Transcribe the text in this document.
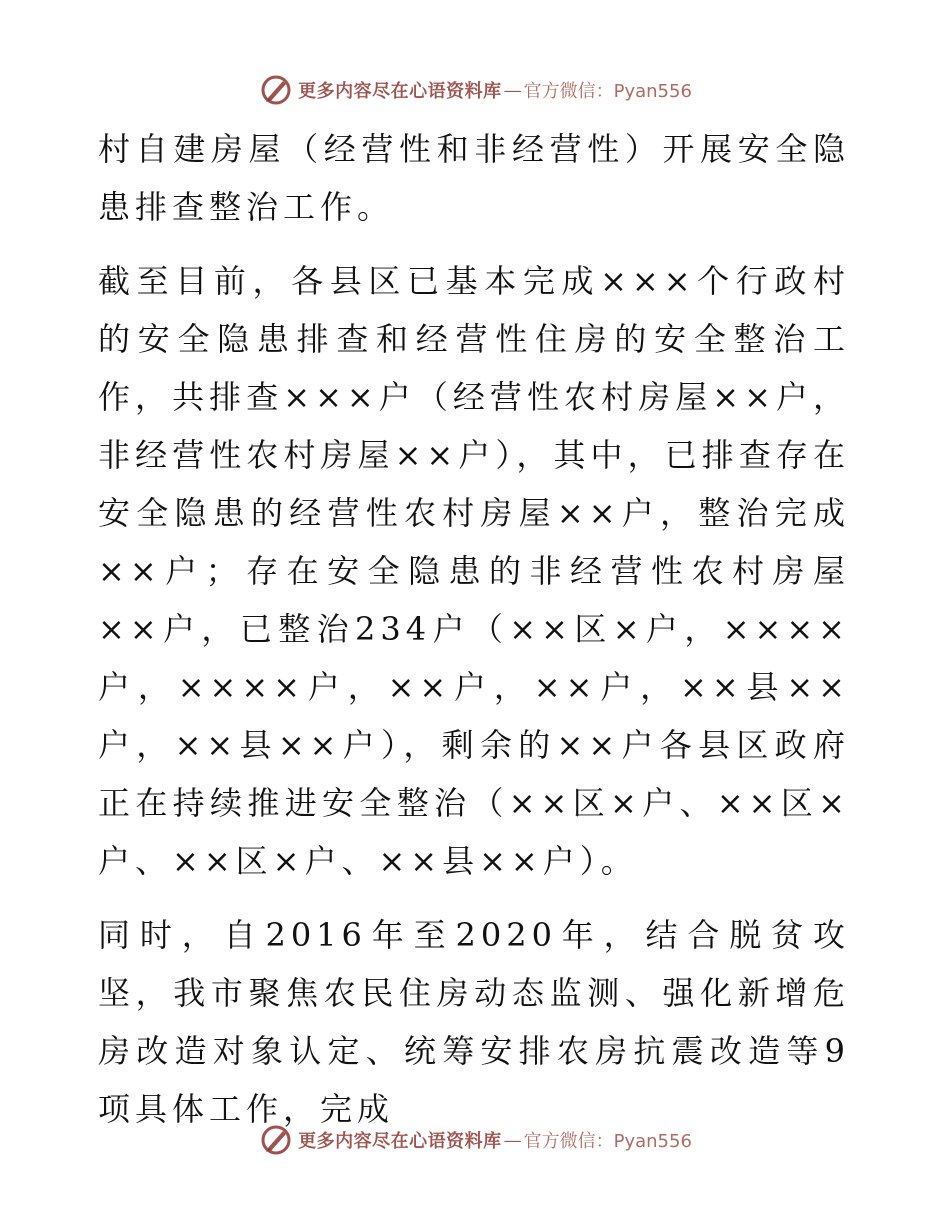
更多内容尽在心语资料库 — 官方微信：Pyan556

村自建房屋（经营性和非经营性）开展安全隐患排查整治工作。

截至目前，各县区已基本完成×××个行政村的安全隐患排查和经营性住房的安全整治工作，共排查×××户（经营性农村房屋××户，非经营性农村房屋××户），其中，已排查存在安全隐患的经营性农村房屋××户，整治完成××户；存在安全隐患的非经营性农村房屋××户，已整治234户（××区×户，××××户，××××户，××户，××户，××县××户，××县××户），剩余的××户各县区政府正在持续推进安全整治（××区×户、××区×户、××区×户、××县××户）。

同时，自2016年至2020年，结合脱贫攻坚，我市聚焦农民住房动态监测、强化新增危房改造对象认定、统筹安排农房抗震改造等9项具体工作，完成

更多内容尽在心语资料库 — 官方微信：Pyan556
